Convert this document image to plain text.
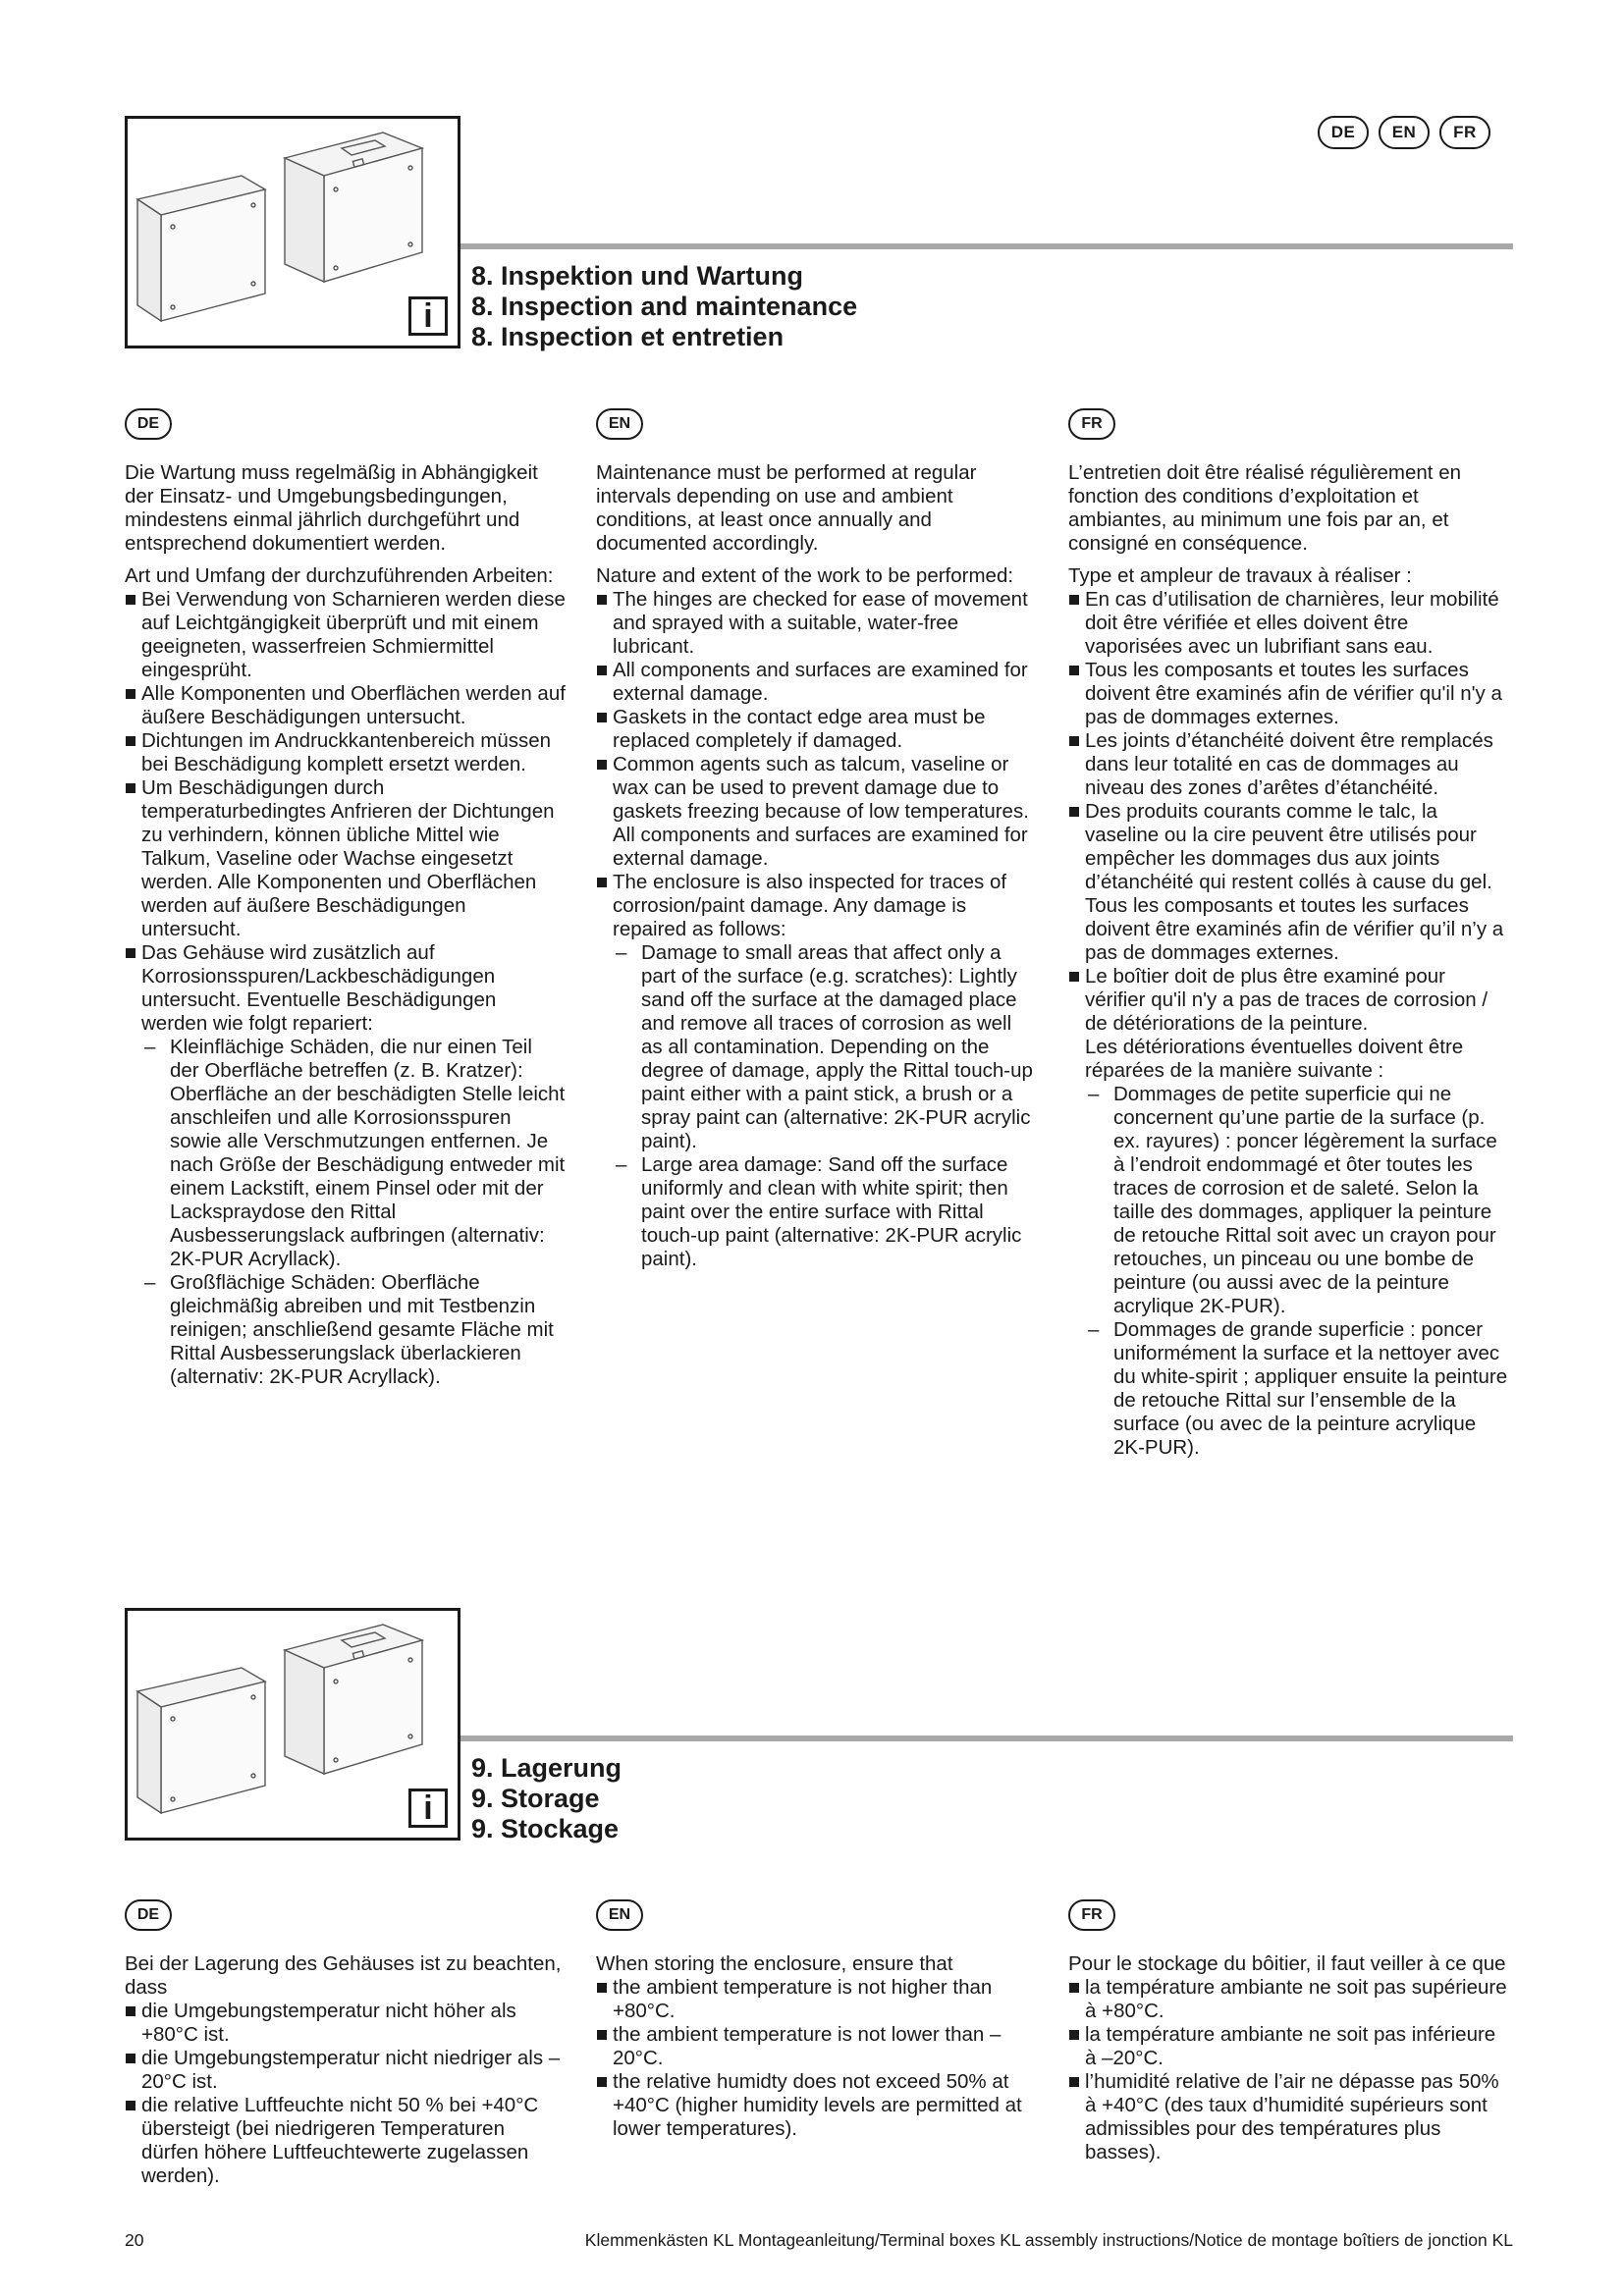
DE	EN	FR
i
8. Inspektion und Wartung
8. Inspection and maintenance
8. Inspection et entretien
DE

Die Wartung muss regelmäßig in Abhängigkeit der Einsatz- und Umgebungsbedingungen, mindestens einmal jährlich durchgeführt und entsprechend dokumentiert werden.

Art und Umfang der durchzuführenden Arbeiten:

Bei Verwendung von Scharnieren werden diese auf Leichtgängigkeit überprüft und mit einem geeigneten, wasserfreien Schmiermittel eingesprüht.
Alle Komponenten und Oberflächen werden auf äußere Beschädigungen untersucht.
Dichtungen im Andruckkantenbereich müssen bei Beschädigung komplett ersetzt werden.
Um Beschädigungen durch temperaturbedingtes Anfrieren der Dichtungen zu verhindern, können übliche Mittel wie Talkum, Vaseline oder Wachse eingesetzt werden. Alle Komponenten und Oberflächen werden auf äußere Beschädigungen untersucht.
Das Gehäuse wird zusätzlich auf Korrosionsspuren/Lackbeschädigungen untersucht. Eventuelle Beschädigungen werden wie folgt repariert:
– Kleinflächige Schäden, die nur einen Teil der Oberfläche betreffen (z. B. Kratzer): Oberfläche an der beschädigten Stelle leicht anschleifen und alle Korrosionsspuren sowie alle Verschmutzungen entfernen. Je nach Größe der Beschädigung entweder mit einem Lackstift, einem Pinsel oder mit der Lackspraydose den Rittal Ausbesserungslack aufbringen (alternativ: 2K-PUR Acryllack).
– Großflächige Schäden: Oberfläche gleichmäßig abreiben und mit Testbenzin reinigen; anschließend gesamte Fläche mit Rittal Ausbesserungslack überlackieren (alternativ: 2K-PUR Acryllack).
EN

Maintenance must be performed at regular intervals depending on use and ambient conditions, at least once annually and documented accordingly.

Nature and extent of the work to be performed:

The hinges are checked for ease of movement and sprayed with a suitable, water-free lubricant.
All components and surfaces are examined for external damage.
Gaskets in the contact edge area must be replaced completely if damaged.
Common agents such as talcum, vaseline or wax can be used to prevent damage due to gaskets freezing because of low temperatures. All components and surfaces are examined for external damage.
The enclosure is also inspected for traces of corrosion/paint damage. Any damage is repaired as follows:
– Damage to small areas that affect only a part of the surface (e.g. scratches): Lightly sand off the surface at the damaged place and remove all traces of corrosion as well as all contamination. Depending on the degree of damage, apply the Rittal touch-up paint either with a paint stick, a brush or a spray paint can (alternative: 2K-PUR acrylic paint).
– Large area damage: Sand off the surface uniformly and clean with white spirit; then paint over the entire surface with Rittal touch-up paint (alternative: 2K-PUR acrylic paint).
FR

L’entretien doit être réalisé régulièrement en fonction des conditions d’exploitation et ambiantes, au minimum une fois par an, et consigné en conséquence.

Type et ampleur de travaux à réaliser :

En cas d’utilisation de charnières, leur mobilité doit être vérifiée et elles doivent être vaporisées avec un lubrifiant sans eau.
Tous les composants et toutes les surfaces doivent être examinés afin de vérifier qu'il n'y a pas de dommages externes.
Les joints d’étanchéité doivent être remplacés dans leur totalité en cas de dommages au niveau des zones d’arêtes d’étanchéité.
Des produits courants comme le talc, la vaseline ou la cire peuvent être utilisés pour empêcher les dommages dus aux joints d’étanchéité qui restent collés à cause du gel. Tous les composants et toutes les surfaces doivent être examinés afin de vérifier qu’il n’y a pas de dommages externes.
Le boîtier doit de plus être examiné pour vérifier qu'il n'y a pas de traces de corrosion / de détériorations de la peinture.
Les détériorations éventuelles doivent être réparées de la manière suivante :
– Dommages de petite superficie qui ne concernent qu’une partie de la surface (p. ex. rayures) : poncer légèrement la surface à l’endroit endommagé et ôter toutes les traces de corrosion et de saleté. Selon la taille des dommages, appliquer la peinture de retouche Rittal soit avec un crayon pour retouches, un pinceau ou une bombe de peinture (ou aussi avec de la peinture acrylique 2K-PUR).
– Dommages de grande superficie : poncer uniformément la surface et la nettoyer avec du white-spirit ; appliquer ensuite la peinture de retouche Rittal sur l’ensemble de la surface (ou avec de la peinture acrylique 2K-PUR).
i
9. Lagerung
9. Storage
9. Stockage
DE

Bei der Lagerung des Gehäuses ist zu beachten, dass

die Umgebungstemperatur nicht höher als +80°C ist.
die Umgebungstemperatur nicht niedriger als –20°C ist.
die relative Luftfeuchte nicht 50 % bei +40°C übersteigt (bei niedrigeren Temperaturen dürfen höhere Luftfeuchtewerte zugelassen werden).
EN

When storing the enclosure, ensure that

the ambient temperature is not higher than +80°C.
the ambient temperature is not lower than –20°C.
the relative humidty does not exceed 50% at +40°C (higher humidity levels are permitted at lower temperatures).
FR

Pour le stockage du bôitier, il faut veiller à ce que

la température ambiante ne soit pas supérieure à +80°C.
la température ambiante ne soit pas inférieure à –20°C.
l’humidité relative de l’air ne dépasse pas 50% à +40°C (des taux d’humidité supérieurs sont admissibles pour des températures plus basses).
20	Klemmenkästen KL Montageanleitung/Terminal boxes KL assembly instructions/Notice de montage boîtiers de jonction KL
